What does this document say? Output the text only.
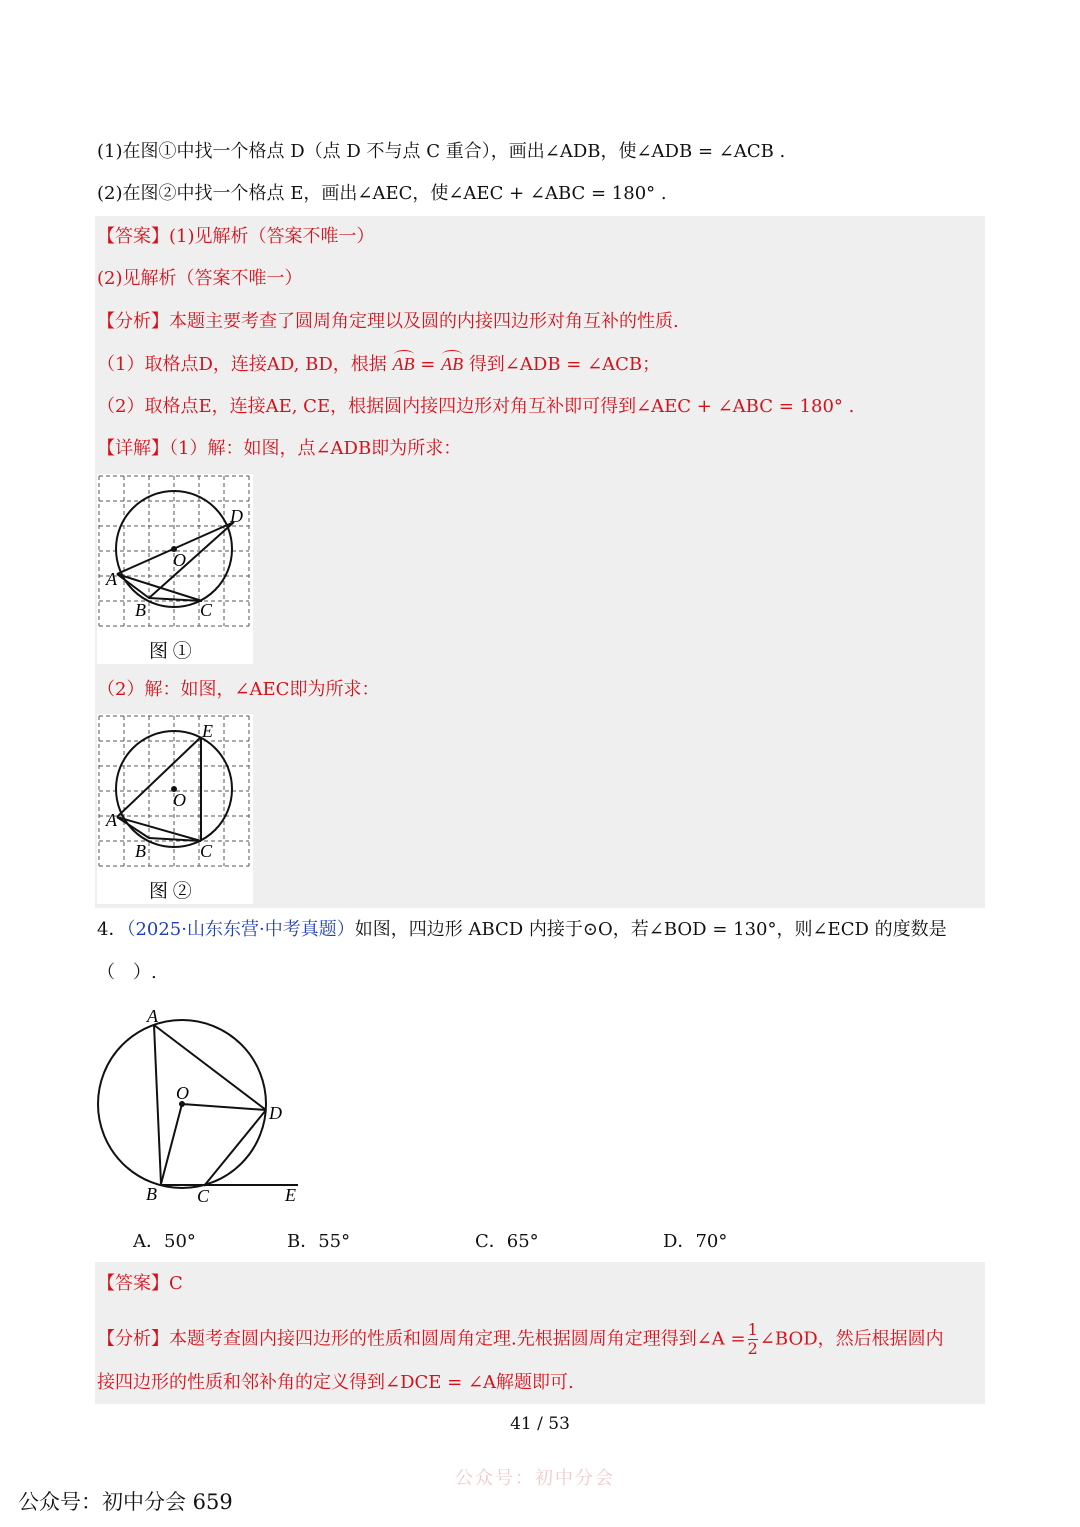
(1)在图①中找一个格点 D（点 D 不与点 C 重合），画出∠ADB，使∠ADB = ∠ACB .
(2)在图②中找一个格点 E，画出∠AEC，使∠AEC + ∠ABC = 180° .
【答案】(1)见解析（答案不唯一）
(2)见解析（答案不唯一）
【分析】本题主要考查了圆周角定理以及圆的内接四边形对角互补的性质.
（1）取格点D，连接AD, BD，根据 AB = AB 得到∠ADB = ∠ACB；
（2）取格点E，连接AE, CE，根据圆内接四边形对角互补即可得到∠AEC + ∠ABC = 180° .
【详解】（1）解：如图，点∠ADB即为所求：
D
O
A
B	C
图 ①
（2）解：如图，∠AEC即为所求：
E
O
A
B	C
图 ②
4．（2025·山东东营·中考真题）如图，四边形 ABCD 内接于⊙O，若∠BOD = 130°，则∠ECD 的度数是
（　）.
A
O
D
B C	E
A．50°	B．55°	C．65°	D．70°
【答案】C
【分析】本题考查圆内接四边形的性质和圆周角定理.先根据圆周角定理得到∠A = $\frac{1}{2}$ ∠BOD，然后根据圆内
接四边形的性质和邻补角的定义得到∠DCE = ∠A解题即可.
41 / 53
公众号：初中分会
公众号：初中分会 659
